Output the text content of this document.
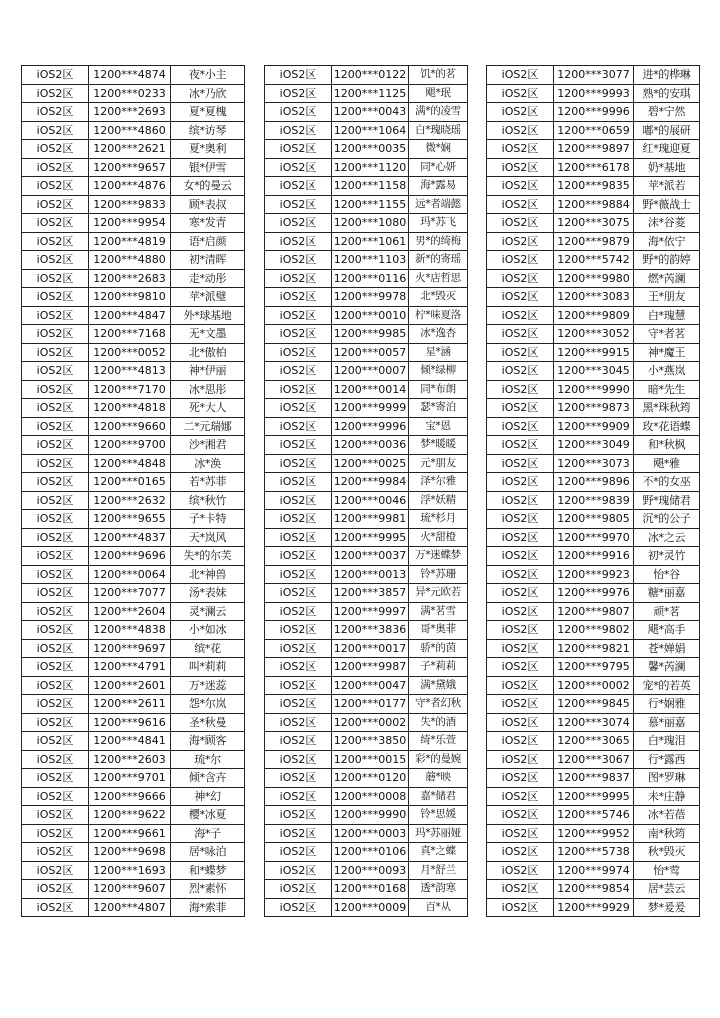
iOS2区	1200***4874	夜*小主
iOS2区	1200***0233	冰*乃欣
iOS2区	1200***2693	夏*夏槐
iOS2区	1200***4860	缤*访琴
iOS2区	1200***2621	夏*奥利
iOS2区	1200***9657	银*伊雪
iOS2区	1200***4876	女*的曼云
iOS2区	1200***9833	顾*表叔
iOS2区	1200***9954	寒*发青
iOS2区	1200***4819	语*启颜
iOS2区	1200***4880	初*清晖
iOS2区	1200***2683	走*动彤
iOS2区	1200***9810	苹*派璧
iOS2区	1200***4847	外*球基地
iOS2区	1200***7168	无*文墨
iOS2区	1200***0052	北*傲柏
iOS2区	1200***4813	神*伊丽
iOS2区	1200***7170	冰*思彤
iOS2区	1200***4818	死*大人
iOS2区	1200***9660	二*元瑞娜
iOS2区	1200***9700	沙*湘君
iOS2区	1200***4848	冰*涣
iOS2区	1200***0165	若*苏菲
iOS2区	1200***2632	缤*秋竹
iOS2区	1200***9655	子*卡特
iOS2区	1200***4837	天*岚风
iOS2区	1200***9696	失*的尔芙
iOS2区	1200***0064	北*神兽
iOS2区	1200***7077	汤*表妹
iOS2区	1200***2604	灵*澜云
iOS2区	1200***4838	小*如冰
iOS2区	1200***9697	缤*花
iOS2区	1200***4791	叫*莉莉
iOS2区	1200***2601	万*迷蕊
iOS2区	1200***2611	怨*尔岚
iOS2区	1200***9616	圣*秋曼
iOS2区	1200***4841	海*顾客
iOS2区	1200***2603	琉*尔
iOS2区	1200***9701	倾*含卉
iOS2区	1200***9666	神*幻
iOS2区	1200***9622	樱*冰夏
iOS2区	1200***9661	海*子
iOS2区	1200***9698	居*咏泊
iOS2区	1200***1693	和*蝶梦
iOS2区	1200***9607	烈*素怀
iOS2区	1200***4807	海*索菲
iOS2区	1200***0122	饥*的茗
iOS2区	1200***1125	飓*珉
iOS2区	1200***0043	满*的凌雪
iOS2区	1200***1064	白*瑰晓瑶
iOS2区	1200***0035	微*娴
iOS2区	1200***1120	同*心妍
iOS2区	1200***1158	海*露易
iOS2区	1200***1155	远*者端懿
iOS2区	1200***1080	玛*苏飞
iOS2区	1200***1061	男*的绮梅
iOS2区	1200***1103	新*的寄瑶
iOS2区	1200***0116	火*店哲思
iOS2区	1200***9978	北*毁灭
iOS2区	1200***0010	柠*味夏洛
iOS2区	1200***9985	冰*逸杏
iOS2区	1200***0057	星*涵
iOS2区	1200***0007	倾*绿柳
iOS2区	1200***0014	同*布朗
iOS2区	1200***9999	瑟*寄泊
iOS2区	1200***9996	宝*恩
iOS2区	1200***0036	梦*暖暖
iOS2区	1200***0025	元*朋友
iOS2区	1200***9984	泽*尔雅
iOS2区	1200***0046	浮*妖精
iOS2区	1200***9981	琉*杉月
iOS2区	1200***9995	火*甜橙
iOS2区	1200***0037	万*迷蝶梦
iOS2区	1200***0013	铃*苏珊
iOS2区	1200***3857	异*元欧若
iOS2区	1200***9997	满*茗雪
iOS2区	1200***3836	哥*奥菲
iOS2区	1200***0017	骄*的茵
iOS2区	1200***9987	子*莉莉
iOS2区	1200***0047	满*黛娥
iOS2区	1200***0177	守*者幻秋
iOS2区	1200***0002	失*的酒
iOS2区	1200***3850	绮*乐萱
iOS2区	1200***0015	彩*的曼婉
iOS2区	1200***0120	蘑*映
iOS2区	1200***0008	嘉*储君
iOS2区	1200***9990	铃*思媛
iOS2区	1200***0003	玛*苏丽娅
iOS2区	1200***0106	真*之蝶
iOS2区	1200***0093	月*舒兰
iOS2区	1200***0168	透*韵寒
iOS2区	1200***0009	百*从
iOS2区	1200***3077	进*的桦琳
iOS2区	1200***9993	熟*的安琪
iOS2区	1200***9996	碧*宁然
iOS2区	1200***0659	嘟*的展研
iOS2区	1200***9897	红*瑰迎夏
iOS2区	1200***6178	奶*基地
iOS2区	1200***9835	苹*派若
iOS2区	1200***9884	野*薇战士
iOS2区	1200***3075	沫*谷菱
iOS2区	1200***9879	海*依宁
iOS2区	1200***5742	野*的韵婷
iOS2区	1200***9980	燃*芮澜
iOS2区	1200***3083	王*朋友
iOS2区	1200***9809	白*瑰慧
iOS2区	1200***3052	守*者茗
iOS2区	1200***9915	神*魔王
iOS2区	1200***3045	小*燕岚
iOS2区	1200***9990	暗*先生
iOS2区	1200***9873	黑*珠秋筠
iOS2区	1200***9909	玫*花语蝶
iOS2区	1200***3049	和*秋枫
iOS2区	1200***3073	飓*雅
iOS2区	1200***9896	不*的女巫
iOS2区	1200***9839	野*瑰储君
iOS2区	1200***9805	沉*的公子
iOS2区	1200***9970	冰*之云
iOS2区	1200***9916	初*灵竹
iOS2区	1200***9923	怡*谷
iOS2区	1200***9976	糖*丽嘉
iOS2区	1200***9807	顽*茗
iOS2区	1200***9802	飓*高手
iOS2区	1200***9821	苍*婵娟
iOS2区	1200***9795	馨*芮澜
iOS2区	1200***0002	宠*的若英
iOS2区	1200***9845	行*娴雅
iOS2区	1200***3074	慕*丽嘉
iOS2区	1200***3065	白*瑰泪
iOS2区	1200***3067	行*露西
iOS2区	1200***9837	图*罗琳
iOS2区	1200***9995	未*庄静
iOS2区	1200***5746	冰*若蓓
iOS2区	1200***9952	南*秋筠
iOS2区	1200***5738	秋*毁灭
iOS2区	1200***9974	怡*莺
iOS2区	1200***9854	居*芸云
iOS2区	1200***9929	梦*爰爰
